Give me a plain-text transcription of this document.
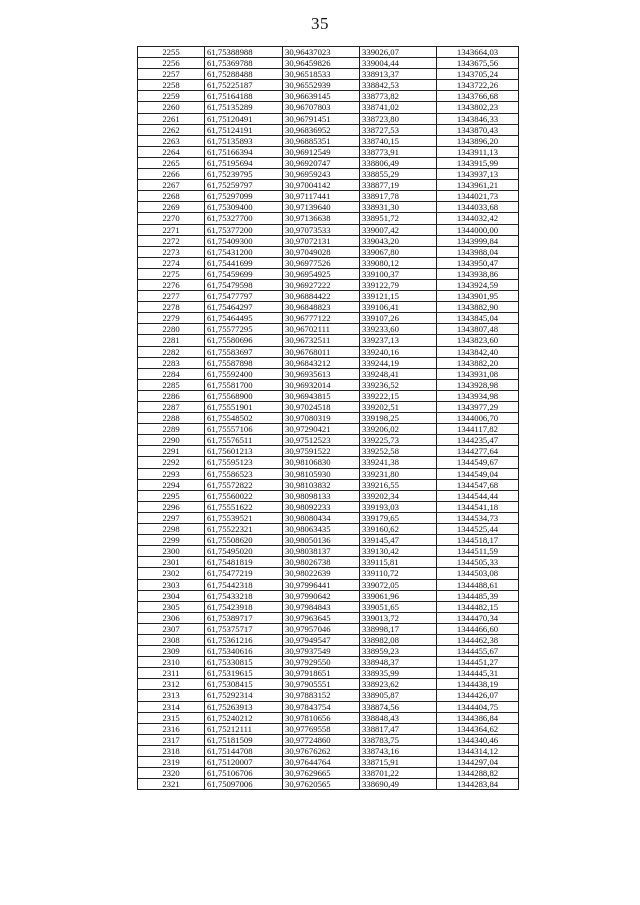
35
2255	61,75388988	30,96437023	339026,07	1343664,03
2256	61,75369788	30,96459826	339004,44	1343675,56
2257	61,75288488	30,96518533	338913,37	1343705,24
2258	61,75225187	30,96552939	338842,53	1343722,26
2259	61,75164188	30,96639145	338773,82	1343766,68
2260	61,75135289	30,96707803	338741,02	1343802,23
2261	61,75120491	30,96791451	338723,80	1343846,33
2262	61,75124191	30,96836952	338727,53	1343870,43
2263	61,75135893	30,96885351	338740,15	1343896,20
2264	61,75166394	30,96912549	338773,91	1343911,13
2265	61,75195694	30,96920747	338806,49	1343915,99
2266	61,75239795	30,96959243	338855,29	1343937,13
2267	61,75259797	30,97004142	338877,19	1343961,21
2268	61,75297099	30,97117441	338917,78	1344021,73
2269	61,75309400	30,97139640	338931,30	1344033,68
2270	61,75327700	30,97136638	338951,72	1344032,42
2271	61,75377200	30,97073533	339007,42	1344000,00
2272	61,75409300	30,97072131	339043,20	1343999,84
2273	61,75431200	30,97049028	339067,80	1343988,04
2274	61,75441699	30,96977526	339080,12	1343950,47
2275	61,75459699	30,96954925	339100,37	1343938,86
2276	61,75479598	30,96927222	339122,79	1343924,59
2277	61,75477797	30,96884422	339121,15	1343901,95
2278	61,75464297	30,96848823	339106,41	1343882,90
2279	61,75464495	30,96777122	339107,26	1343845,04
2280	61,75577295	30,96702111	339233,60	1343807,48
2281	61,75580696	30,96732511	339237,13	1343823,60
2282	61,75583697	30,96768011	339240,16	1343842,40
2283	61,75587898	30,96843212	339244,19	1343882,20
2284	61,75592400	30,96935613	339248,41	1343931,08
2285	61,75581700	30,96932014	339236,52	1343928,98
2286	61,75568900	30,96943815	339222,15	1343934,98
2287	61,75551901	30,97024518	339202,51	1343977,29
2288	61,75548502	30,97080319	339198,25	1344006,70
2289	61,75557106	30,97290421	339206,02	1344117,82
2290	61,75576511	30,97512523	339225,73	1344235,47
2291	61,75601213	30,97591522	339252,58	1344277,64
2292	61,75595123	30,98106830	339241,38	1344549,67
2293	61,75586523	30,98105930	339231,80	1344549,04
2294	61,75572822	30,98103832	339216,55	1344547,68
2295	61,75560022	30,98098133	339202,34	1344544,44
2296	61,75551622	30,98092233	339193,03	1344541,18
2297	61,75539521	30,98080434	339179,65	1344534,73
2298	61,75522321	30,98063435	339160,62	1344525,44
2299	61,75508620	30,98050136	339145,47	1344518,17
2300	61,75495020	30,98038137	339130,42	1344511,59
2301	61,75481819	30,98026738	339115,81	1344505,33
2302	61,75477219	30,98022639	339110,72	1344503,08
2303	61,75442318	30,97996441	339072,05	1344488,61
2304	61,75433218	30,97990642	339061,96	1344485,39
2305	61,75423918	30,97984843	339051,65	1344482,15
2306	61,75389717	30,97963645	339013,72	1344470,34
2307	61,75375717	30,97957046	338998,17	1344466,60
2308	61,75361216	30,97949547	338982,08	1344462,38
2309	61,75340616	30,97937549	338959,23	1344455,67
2310	61,75330815	30,97929550	338948,37	1344451,27
2311	61,75319615	30,97918651	338935,99	1344445,31
2312	61,75308415	30,97905551	338923,62	1344438,19
2313	61,75292314	30,97883152	338905,87	1344426,07
2314	61,75263913	30,97843754	338874,56	1344404,75
2315	61,75240212	30,97810656	338848,43	1344386,84
2316	61,75212111	30,97769558	338817,47	1344364,62
2317	61,75181509	30,97724860	338783,75	1344340,46
2318	61,75144708	30,97676262	338743,16	1344314,12
2319	61,75120007	30,97644764	338715,91	1344297,04
2320	61,75106706	30,97629665	338701,22	1344288,82
2321	61,75097006	30,97620565	338690,49	1344283,84
